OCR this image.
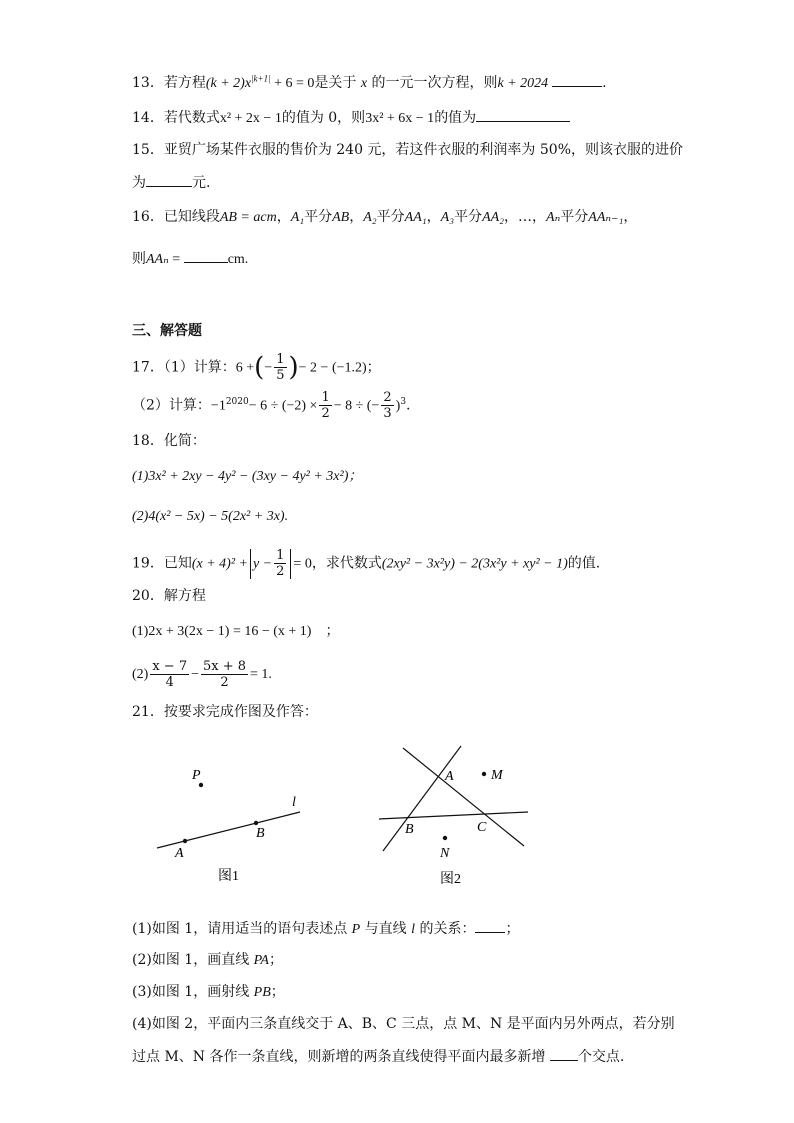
13．若方程$(k + 2)x^{|k+1|} + 6 = 0$是关于 x 的一元一次方程，则k + 2024	.
14．若代数式x² + 2x − 1的值为 0，则3x² + 6x − 1的值为
15．亚贸广场某件衣服的售价为 240 元，若这件衣服的利润率为 50%，则该衣服的进价
为	元.
16．已知线段AB = acm，A₁平分AB，A₂平分AA₁，A₃平分AA₂，…，Aₙ平分AAₙ₋₁，
则AAₙ =	cm.
三、解答题
17．（1）计算：6 +(− $\frac{1}{5}$ )− 2 − (−1.2)；
（2）计算：$-1^{2020}- 6 \div (-2) \times \frac{1}{2} - 8$ ÷ (− $\frac{2}{3} )^3$.
18．化简：
(1)3x² + 2xy − 4y² − (3xy − 4y² + 3x²)；
(2)4(x² − 5x) − 5(2x² + 3x).
19．已知$(x + 4)^2 + y - \frac{1}{2} = 0$，求代数式(2xy² − 3x²y) − 2(3x²y + xy² − 1)的值.
20．解方程
(1)2x + 3(2x − 1) = 16 − (x + 1)　；
$(2) \frac{x - 7}{4} - \frac{5x + 8}{2} = 1$.
21．按要求完成作图及作答：
P
l
A
B
图1
A	M
B	C
N
图2
(1)如图 1，请用适当的语句表述点 P 与直线 l 的关系： ；
(2)如图 1，画直线 PA；
(3)如图 1，画射线 PB；
(4)如图 2，平面内三条直线交于 A、B、C 三点，点 M、N 是平面内另外两点，若分别
过点 M、N 各作一条直线，则新增的两条直线使得平面内最多新增 个交点.
